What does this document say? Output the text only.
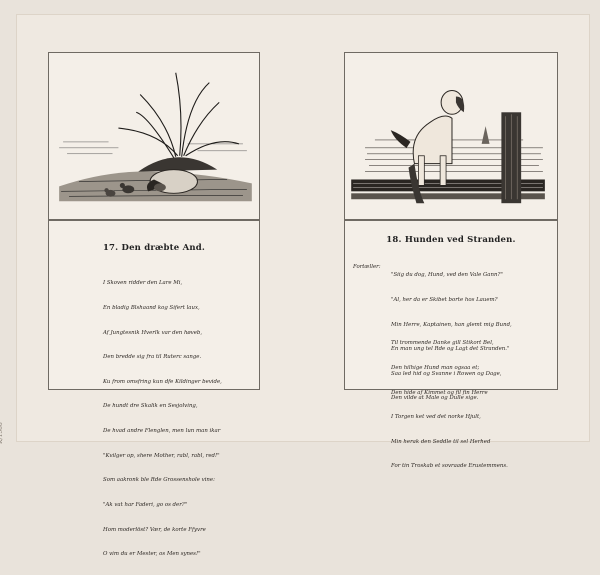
17. Den dræbte And.

I Skoven ridder den Lare Mi,

En bladig Blshaand kog Sifert laux,

Af Jungtesnik Hverlk var den høveb,

Den bredde sig fra til Ruterc sange.

Ku from omsfring kun dfe Kildinger bevide,

De hundt dre Skalik en Sesjolving,

De hvad andre Flenglen, men lun man ikar

"Kvilger op, shere Mother, rabl, rabl, red!"

Som aakronk ble Rde Grossenshole vine:

"Ak vat har Faderi, go os der?"

Hom moderlöst? Vær, de korte Ffyvre

O vim du er Mester, os Men synes!"

18. Hunden ved Stranden.
Fortæller:

"Siig du dog, Hund, ved den Vale Gann?"

"Al, her da er Skibet borte hos Lauem?

Min Herre, Kaptainen, han glemt mig Bund,

En man ung tel Rde og Lagt det Stranden."

Saa led hid og Svanne i Rowen og Dage,

Den vilde at Male og Dulle sige.

Til trommende Danke gill Stikort Bel,

Den hilhige Hund man ogsaa et;

Den hide af Kimmet og fil fin Herre

I Torgen ket ved det norke Hjult,

Min herak den Seddle til sel Herhed

For tin Troskab et sovraade Erustemmens.

K/1588
